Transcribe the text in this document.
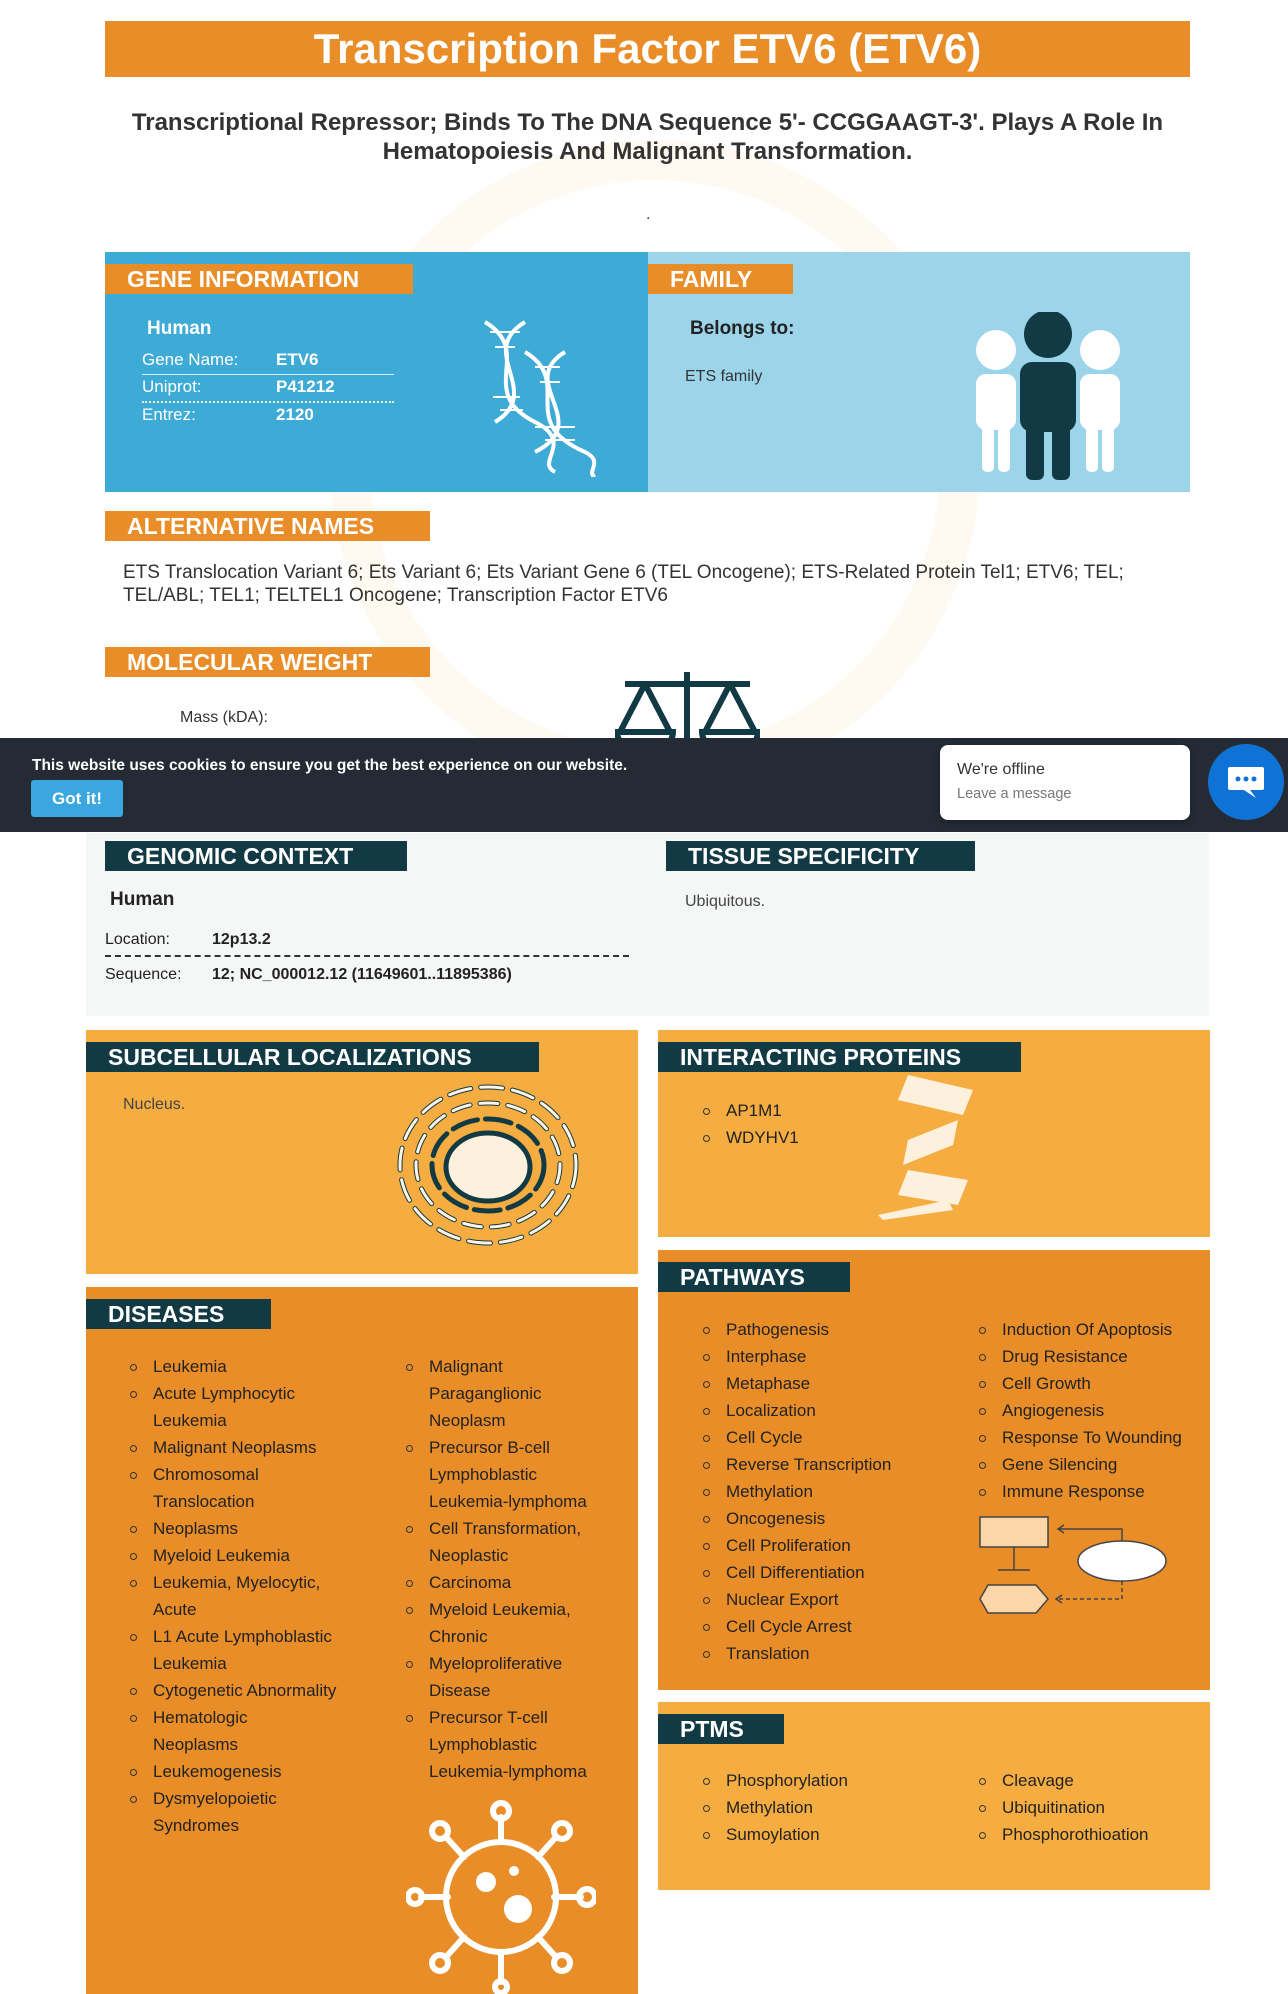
Transcription Factor ETV6 (ETV6)
Transcriptional Repressor; Binds To The DNA Sequence 5'- CCGGAAGT-3'. Plays A Role In Hematopoiesis And Malignant Transformation.
.
GENE INFORMATION
Human
Gene Name: ETV6
Uniprot:	P41212
Entrez:	2120
FAMILY
Belongs to:
ETS family
ALTERNATIVE NAMES
ETS Translocation Variant 6; Ets Variant 6; Ets Variant Gene 6 (TEL Oncogene); ETS-Related Protein Tel1; ETV6; TEL; TEL/ABL; TEL1; TELTEL1 Oncogene; Transcription Factor ETV6
MOLECULAR WEIGHT
Mass (kDA):
This website uses cookies to ensure you get the best experience on our website.
Got it!
We're offline
Leave a message
GENOMIC CONTEXT
Human
Location:	12p13.2
Sequence: 12; NC_000012.12 (11649601..11895386)
TISSUE SPECIFICITY
Ubiquitous.
SUBCELLULAR LOCALIZATIONS
Nucleus.
INTERACTING PROTEINS
AP1M1
WDYHV1
DISEASES
Leukemia
Acute Lymphocytic Leukemia
Malignant Neoplasms
Chromosomal Translocation
Neoplasms
Myeloid Leukemia
Leukemia, Myelocytic, Acute
L1 Acute Lymphoblastic Leukemia
Cytogenetic Abnormality
Hematologic Neoplasms
Leukemogenesis
Dysmyelopoietic Syndromes
Malignant Paraganglionic Neoplasm
Precursor B-cell Lymphoblastic Leukemia-lymphoma
Cell Transformation, Neoplastic
Carcinoma
Myeloid Leukemia, Chronic
Myeloproliferative Disease
Precursor T-cell Lymphoblastic Leukemia-lymphoma
PATHWAYS
Pathogenesis
Interphase
Metaphase
Localization
Cell Cycle
Reverse Transcription
Methylation
Oncogenesis
Cell Proliferation
Cell Differentiation
Nuclear Export
Cell Cycle Arrest
Translation
Induction Of Apoptosis
Drug Resistance
Cell Growth
Angiogenesis
Response To Wounding
Gene Silencing
Immune Response
PTMS
Phosphorylation
Methylation
Sumoylation
Cleavage
Ubiquitination
Phosphorothioation
